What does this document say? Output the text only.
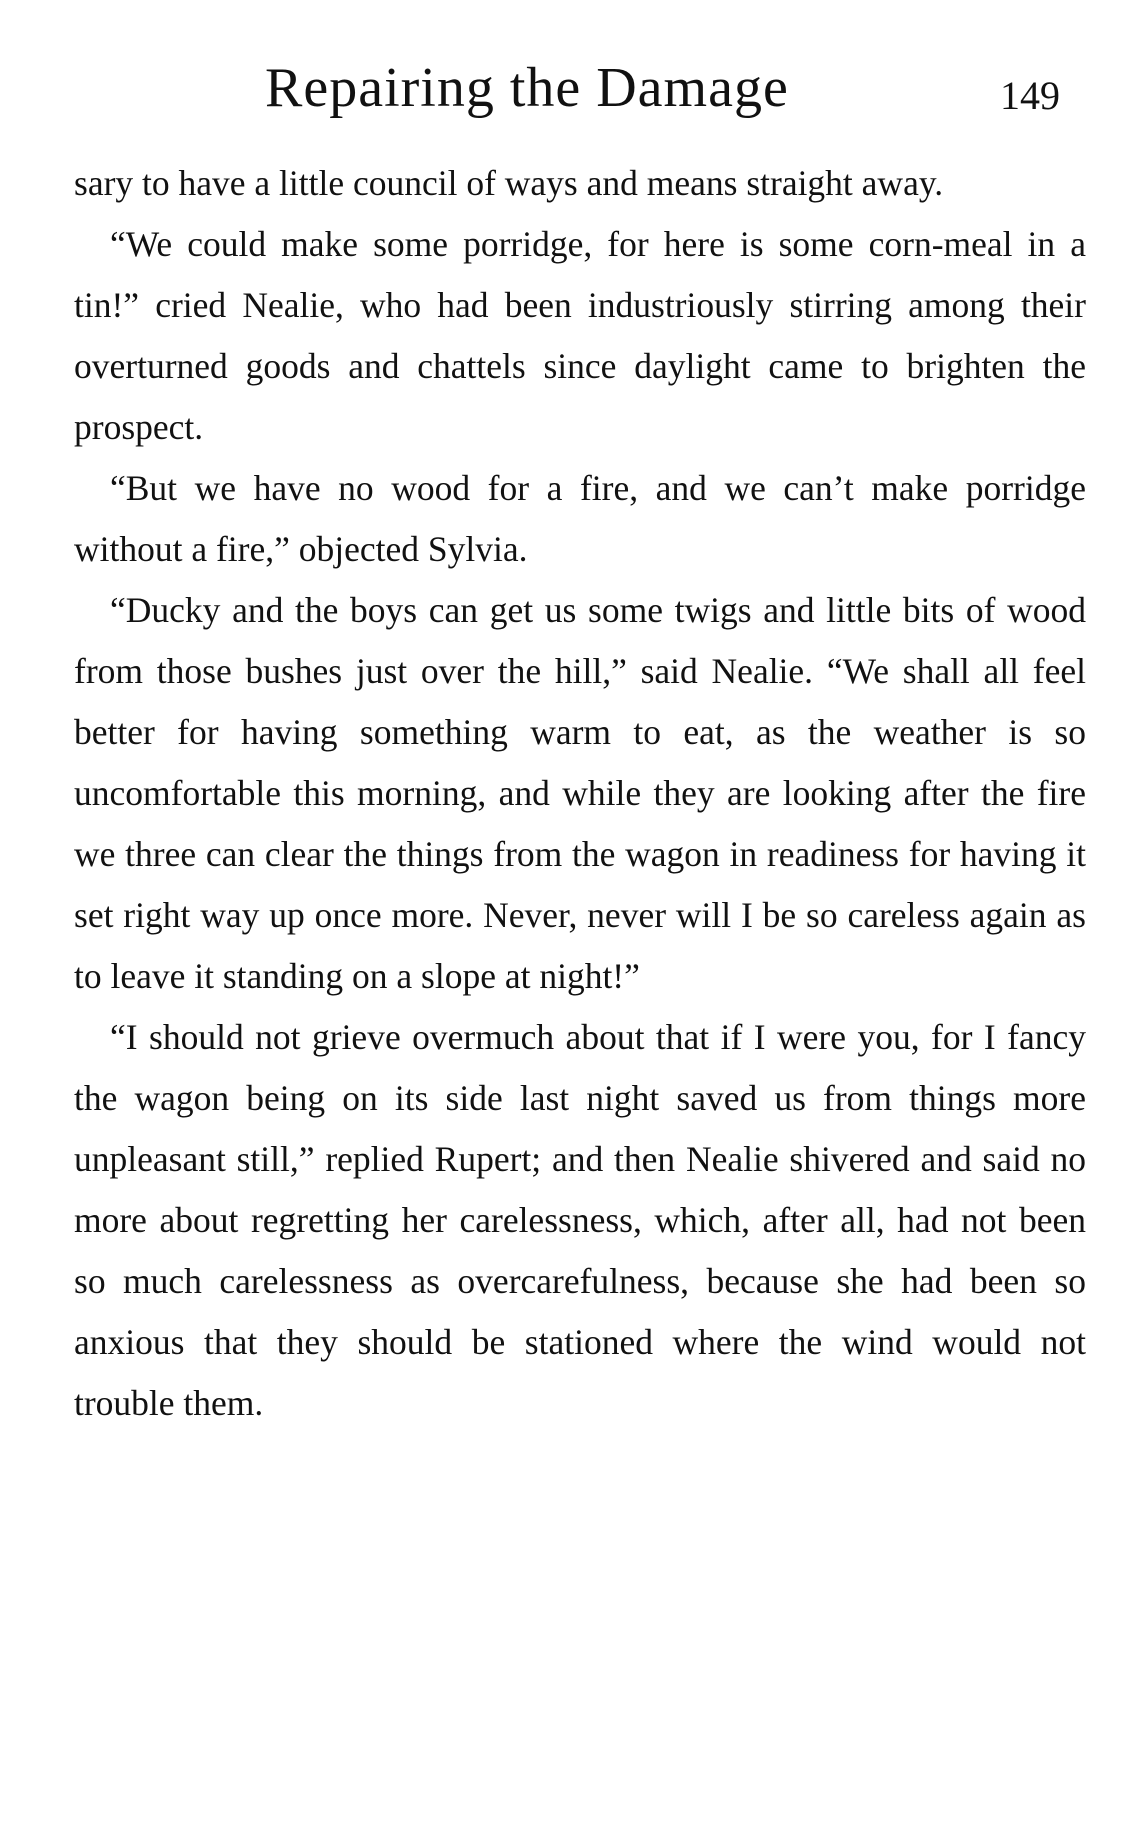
Repairing the Damage	149

sary to have a little council of ways and means straight away.

“We could make some porridge, for here is some corn-meal in a tin!” cried Nealie, who had been industriously stirring among their overturned goods and chattels since daylight came to brighten the prospect.

“But we have no wood for a fire, and we can’t make porridge without a fire,” objected Sylvia.

“Ducky and the boys can get us some twigs and little bits of wood from those bushes just over the hill,” said Nealie. “We shall all feel better for having something warm to eat, as the weather is so uncomfortable this morning, and while they are looking after the fire we three can clear the things from the wagon in readiness for having it set right way up once more. Never, never will I be so careless again as to leave it standing on a slope at night!”

“I should not grieve overmuch about that if I were you, for I fancy the wagon being on its side last night saved us from things more unpleasant still,” replied Rupert; and then Nealie shivered and said no more about regretting her carelessness, which, after all, had not been so much carelessness as overcarefulness, because she had been so anxious that they should be stationed where the wind would not trouble them.
